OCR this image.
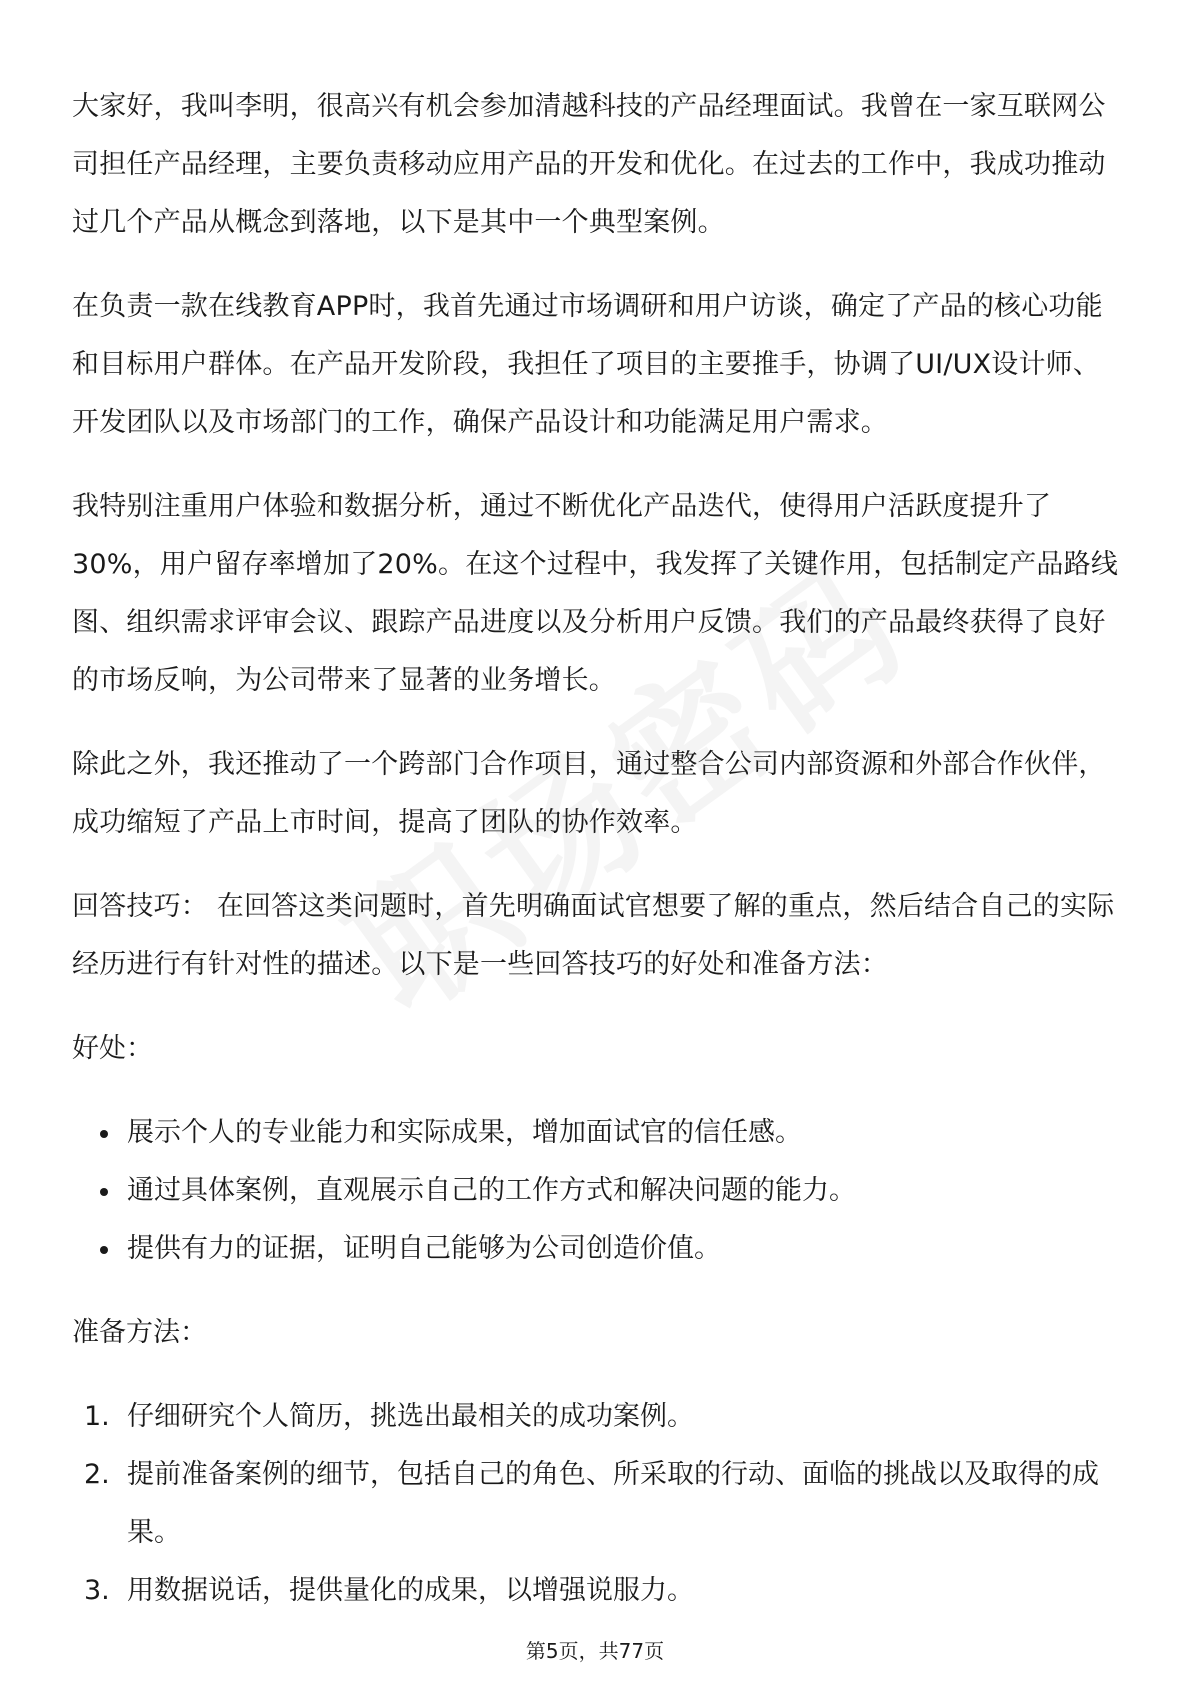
大家好，我叫李明，很高兴有机会参加清越科技的产品经理面试。我曾在一家互联网公司担任产品经理，主要负责移动应用产品的开发和优化。在过去的工作中，我成功推动过几个产品从概念到落地，以下是其中一个典型案例。

在负责一款在线教育APP时，我首先通过市场调研和用户访谈，确定了产品的核心功能和目标用户群体。在产品开发阶段，我担任了项目的主要推手，协调了UI/UX设计师、开发团队以及市场部门的工作，确保产品设计和功能满足用户需求。

我特别注重用户体验和数据分析，通过不断优化产品迭代，使得用户活跃度提升了30%，用户留存率增加了20%。在这个过程中，我发挥了关键作用，包括制定产品路线图、组织需求评审会议、跟踪产品进度以及分析用户反馈。我们的产品最终获得了良好的市场反响，为公司带来了显著的业务增长。

除此之外，我还推动了一个跨部门合作项目，通过整合公司内部资源和外部合作伙伴，成功缩短了产品上市时间，提高了团队的协作效率。

回答技巧： 在回答这类问题时，首先明确面试官想要了解的重点，然后结合自己的实际经历进行有针对性的描述。以下是一些回答技巧的好处和准备方法：

好处：

展示个人的专业能力和实际成果，增加面试官的信任感。
通过具体案例，直观展示自己的工作方式和解决问题的能力。
提供有力的证据，证明自己能够为公司创造价值。

准备方法：

1. 仔细研究个人简历，挑选出最相关的成功案例。
2. 提前准备案例的细节，包括自己的角色、所采取的行动、面临的挑战以及取得的成果。
3. 用数据说话，提供量化的成果，以增强说服力。
第5页，共77页
